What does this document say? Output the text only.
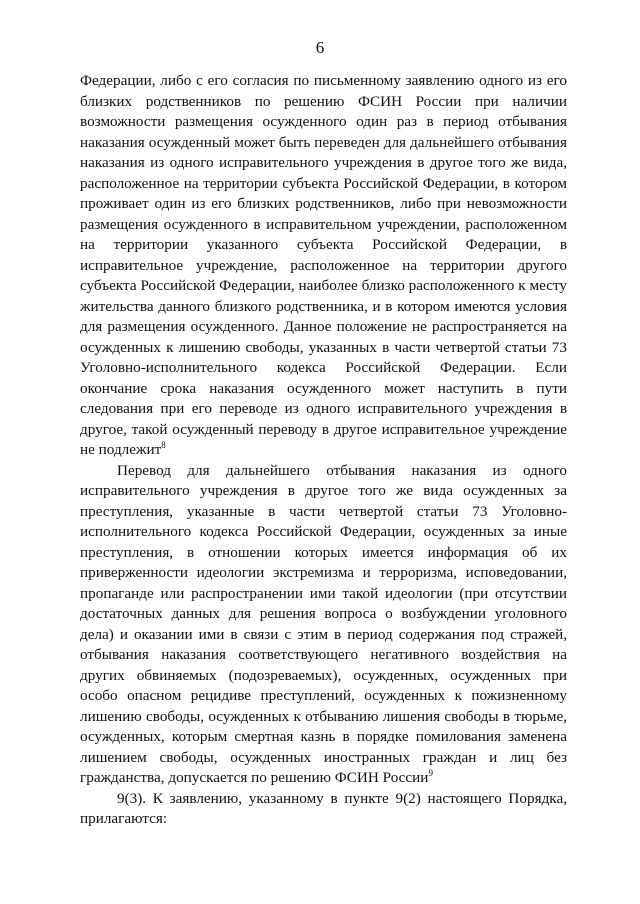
6

Федерации, либо с его согласия по письменному заявлению одного из его близких родственников по решению ФСИН России при наличии возможности размещения осужденного один раз в период отбывания наказания осужденный может быть переведен для дальнейшего отбывания наказания из одного исправительного учреждения в другое того же вида, расположенное на территории субъекта Российской Федерации, в котором проживает один из его близких родственников, либо при невозможности размещения осужденного в исправительном учреждении, расположенном на территории указанного субъекта Российской Федерации, в исправительное учреждение, расположенное на территории другого субъекта Российской Федерации, наиболее близко расположенного к месту жительства данного близкого родственника, и в котором имеются условия для размещения осужденного. Данное положение не распространяется на осужденных к лишению свободы, указанных в части четвертой статьи 73 Уголовно-исполнительного кодекса Российской Федерации. Если окончание срока наказания осужденного может наступить в пути следования при его переводе из одного исправительного учреждения в другое, такой осужденный переводу в другое исправительное учреждение не подлежит$^8$

Перевод для дальнейшего отбывания наказания из одного исправительного учреждения в другое того же вида осужденных за преступления, указанные в части четвертой статьи 73 Уголовно-исполнительного кодекса Российской Федерации, осужденных за иные преступления, в отношении которых имеется информация об их приверженности идеологии экстремизма и терроризма, исповедовании, пропаганде или распространении ими такой идеологии (при отсутствии достаточных данных для решения вопроса о возбуждении уголовного дела) и оказании ими в связи с этим в период содержания под стражей, отбывания наказания соответствующего негативного воздействия на других обвиняемых (подозреваемых), осужденных, осужденных при особо опасном рецидиве преступлений, осужденных к пожизненному лишению свободы, осужденных к отбыванию лишения свободы в тюрьме, осужденных, которым смертная казнь в порядке помилования заменена лишением свободы, осужденных иностранных граждан и лиц без гражданства, допускается по решению ФСИН России$^9$

9(3). К заявлению, указанному в пункте 9(2) настоящего Порядка, прилагаются:
